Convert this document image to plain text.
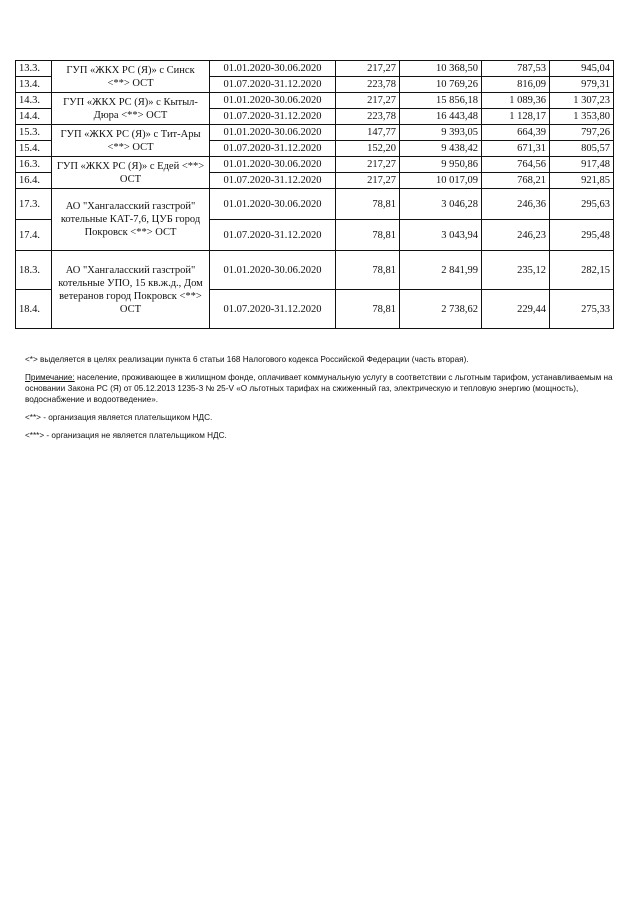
13.3.	ГУП «ЖКХ РС (Я)» с Синск <**> ОСТ	01.01.2020-30.06.2020	217,27	10 368,50	787,53	945,04
13.4.		01.07.2020-31.12.2020	223,78	10 769,26	816,09	979,31
14.3.	ГУП «ЖКХ РС (Я)» с Кытыл-Дюра <**> ОСТ	01.01.2020-30.06.2020	217,27	15 856,18	1 089,36	1 307,23
14.4.		01.07.2020-31.12.2020	223,78	16 443,48	1 128,17	1 353,80
15.3.	ГУП «ЖКХ РС (Я)» с Тит-Ары <**> ОСТ	01.01.2020-30.06.2020	147,77	9 393,05	664,39	797,26
15.4.		01.07.2020-31.12.2020	152,20	9 438,42	671,31	805,57
16.3.	ГУП «ЖКХ РС (Я)» с Едей <**> ОСТ	01.01.2020-30.06.2020	217,27	9 950,86	764,56	917,48
16.4.		01.07.2020-31.12.2020	217,27	10 017,09	768,21	921,85
17.3.	АО "Хангаласский газстрой" котельные КАТ-7,6, ЦУБ город Покровск <**> ОСТ	01.01.2020-30.06.2020	78,81	3 046,28	246,36	295,63
17.4.		01.07.2020-31.12.2020	78,81	3 043,94	246,23	295,48
18.3.	АО "Хангаласский газстрой" котельные УПО, 15 кв.ж.д., Дом ветеранов город Покровск <**> ОСТ	01.01.2020-30.06.2020	78,81	2 841,99	235,12	282,15
18.4.		01.07.2020-31.12.2020	78,81	2 738,62	229,44	275,33

<*> выделяется в целях реализации пункта 6 статьи 168 Налогового кодекса Российской Федерации (часть вторая).

Примечание: население, проживающее в жилищном фонде, оплачивает коммунальную услугу в соответствии с льготным тарифом, устанавливаемым на основании Закона РС (Я) от 05.12.2013 1235-З № 25-V «О льготных тарифах на сжиженный газ, электрическую и тепловую энергию (мощность), водоснабжение и водоотведение».

<**> - организация является плательщиком НДС.

<***> - организация не является плательщиком НДС.
